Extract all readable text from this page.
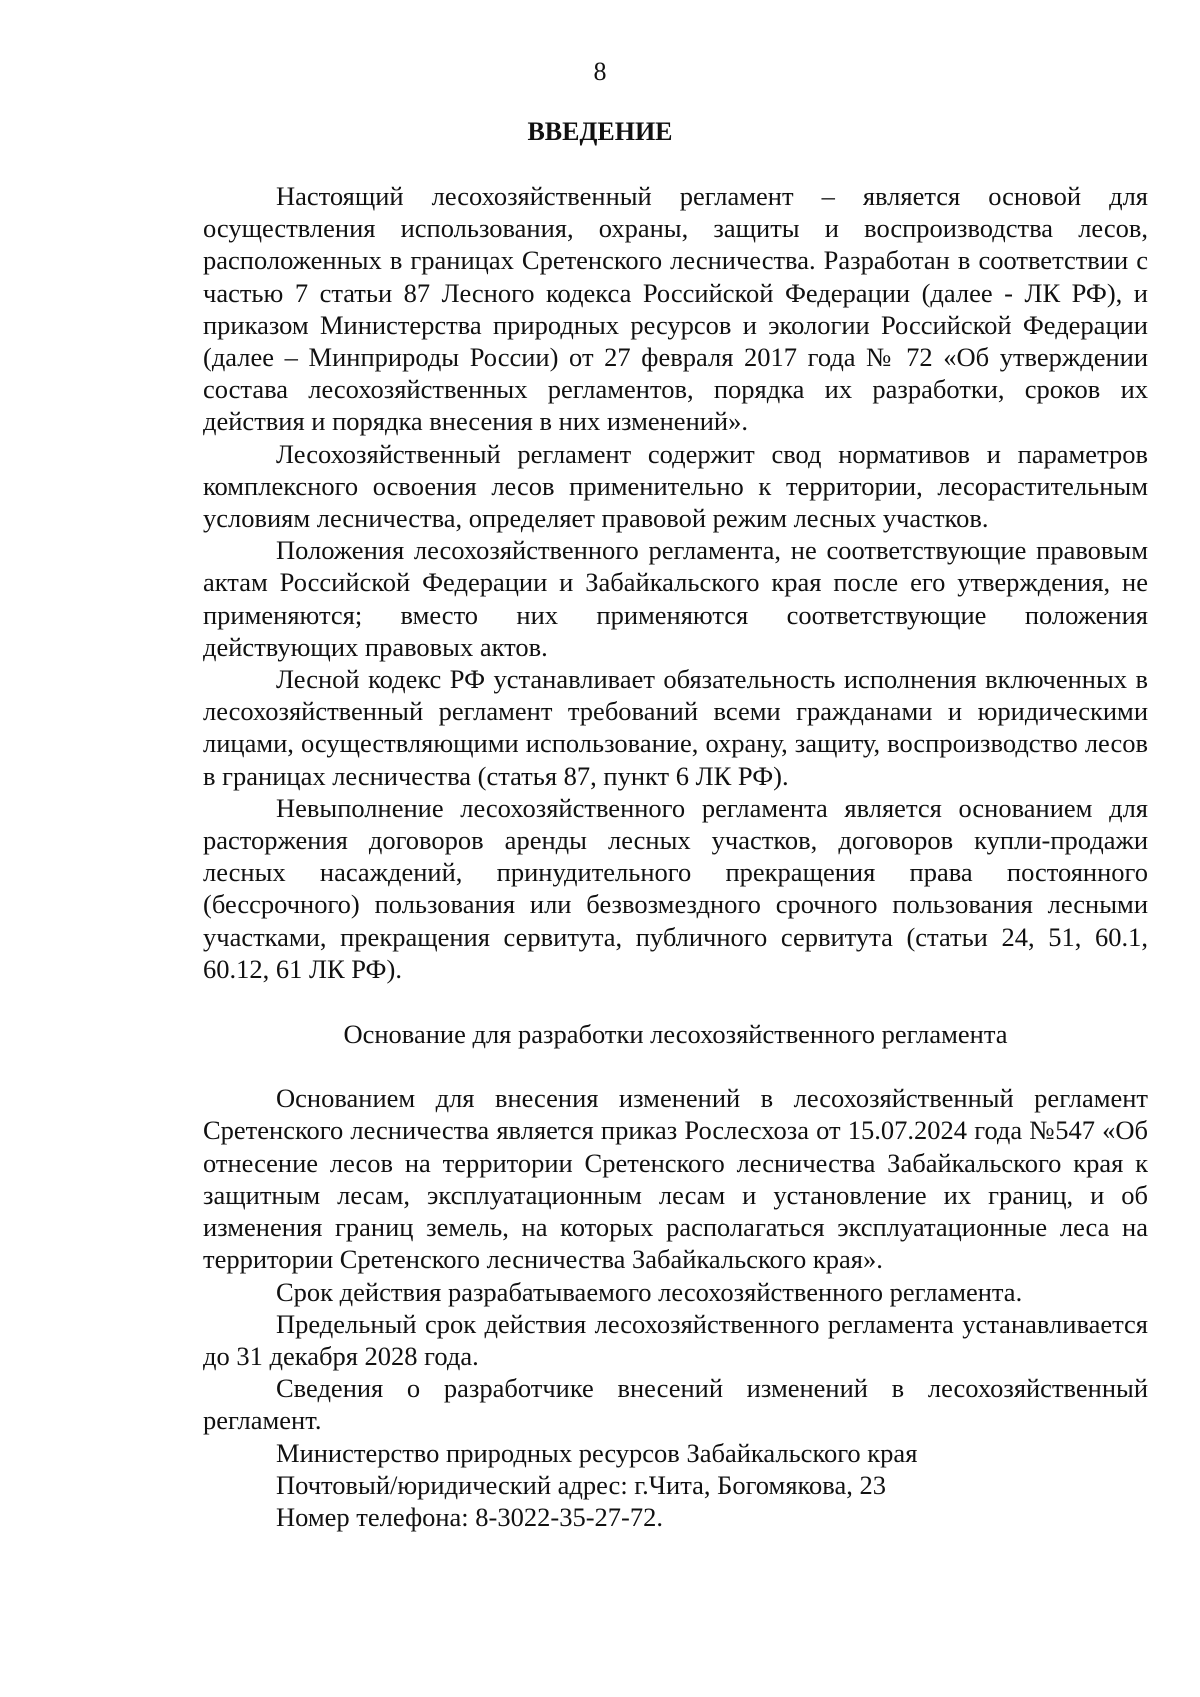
8
ВВЕДЕНИЕ

Настоящий лесохозяйственный регламент – является основой для осуществления использования, охраны, защиты и воспроизводства лесов, расположенных в границах Сретенского лесничества. Разработан в соответствии с частью 7 статьи 87 Лесного кодекса Российской Федерации (далее - ЛК РФ), и приказом Министерства природных ресурсов и экологии Российской Федерации (далее – Минприроды России) от 27 февраля 2017 года № 72 «Об утверждении состава лесохозяйственных регламентов, порядка их разработки, сроков их действия и порядка внесения в них изменений».

Лесохозяйственный регламент содержит свод нормативов и параметров комплексного освоения лесов применительно к территории, лесорастительным условиям лесничества, определяет правовой режим лесных участков.

Положения лесохозяйственного регламента, не соответствующие правовым актам Российской Федерации и Забайкальского края после его утверждения, не применяются; вместо них применяются соответствующие положения действующих правовых актов.

Лесной кодекс РФ устанавливает обязательность исполнения включенных в лесохозяйственный регламент требований всеми гражданами и юридическими лицами, осуществляющими использование, охрану, защиту, воспроизводство лесов в границах лесничества (статья 87, пункт 6 ЛК РФ).

Невыполнение лесохозяйственного регламента является основанием для расторжения договоров аренды лесных участков, договоров купли-продажи лесных насаждений, принудительного прекращения права постоянного (бессрочного) пользования или безвозмездного срочного пользования лесными участками, прекращения сервитута, публичного сервитута (статьи 24, 51, 60.1, 60.12, 61 ЛК РФ).

Основание для разработки лесохозяйственного регламента

Основанием для внесения изменений в лесохозяйственный регламент Сретенского лесничества является приказ Рослесхоза от 15.07.2024 года №547 «Об отнесение лесов на территории Сретенского лесничества Забайкальского края к защитным лесам, эксплуатационным лесам и установление их границ, и об изменения границ земель, на которых располагаться эксплуатационные леса на территории Сретенского лесничества Забайкальского края».

Срок действия разрабатываемого лесохозяйственного регламента.

Предельный срок действия лесохозяйственного регламента устанавливается до 31 декабря 2028 года.

Сведения о разработчике внесений изменений в лесохозяйственный регламент.

Министерство природных ресурсов Забайкальского края

Почтовый/юридический адрес: г.Чита, Богомякова, 23

Номер телефона: 8-3022-35-27-72.
